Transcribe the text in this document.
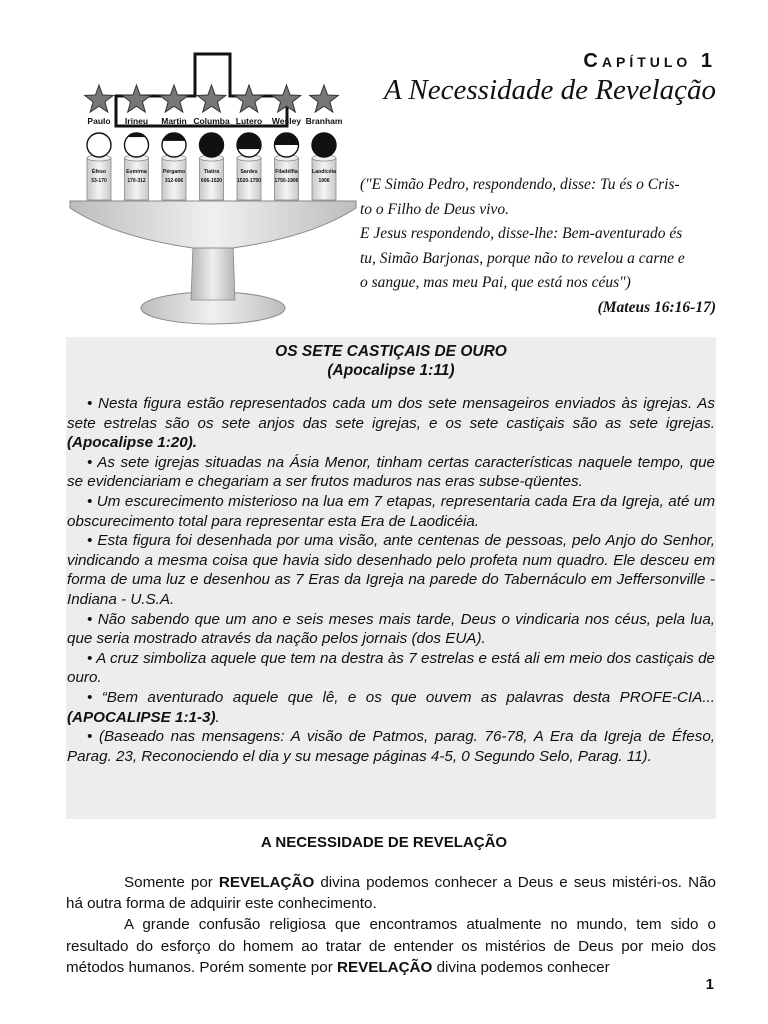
Capítulo 1
A Necessidade de Revelação
Paulo Irineu Martin Columba Lutero Wesley Branham
Éfeso
53-170
Esmirna
170-312
Pérgamo
312-606
Tiatira
606-1520
Sardes
1520-1750
Filadélfia
1750-1906
Laodicéia
1906 ("E Simão Pedro, respondendo, disse: Tu és o Cris-

to o Filho de Deus vivo.

E Jesus respondendo, disse-lhe: Bem-aventurado és

tu, Simão Barjonas, porque não to revelou a carne e

o sangue, mas meu Pai, que está nos céus")

(Mateus 16:16-17)

OS SETE CASTIÇAIS DE OURO
(Apocalipse 1:11)

• Nesta figura estão representados cada um dos sete mensageiros enviados às igrejas. As sete estrelas são os sete anjos das sete igrejas, e os sete castiçais são as sete igrejas. (Apocalipse 1:20).

• As sete igrejas situadas na Ásia Menor, tinham certas características naquele tempo, que se evidenciariam e chegariam a ser frutos maduros nas eras subse-qüentes.

• Um escurecimento misterioso na lua em 7 etapas, representaria cada Era da Igreja, até um obscurecimento total para representar esta Era de Laodicéia.

• Esta figura foi desenhada por uma visão, ante centenas de pessoas, pelo Anjo do Senhor, vindicando a mesma coisa que havia sido desenhado pelo profeta num quadro. Ele desceu em forma de uma luz e desenhou as 7 Eras da Igreja na parede do Tabernáculo em Jeffersonville - Indiana - U.S.A.

• Não sabendo que um ano e seis meses mais tarde, Deus o vindicaria nos céus, pela lua, que seria mostrado através da nação pelos jornais (dos EUA).

• A cruz simboliza aquele que tem na destra às 7 estrelas e está ali em meio dos castiçais de ouro.

• “Bem aventurado aquele que lê, e os que ouvem as palavras desta PROFE-CIA... (APOCALIPSE 1:1-3).

• (Baseado nas mensagens: A visão de Patmos, parag. 76-78, A Era da Igreja de Éfeso, Parag. 23, Reconociendo el dia y su mesage páginas 4-5, 0 Segundo Selo, Parag. 11).

A NECESSIDADE DE REVELAÇÃO

Somente por REVELAÇÃO divina podemos conhecer a Deus e seus mistéri-os. Não há outra forma de adquirir este conhecimento.

A grande confusão religiosa que encontramos atualmente no mundo, tem sido o resultado do esforço do homem ao tratar de entender os mistérios de Deus por meio dos métodos humanos. Porém somente por REVELAÇÃO divina podemos conhecer

1
